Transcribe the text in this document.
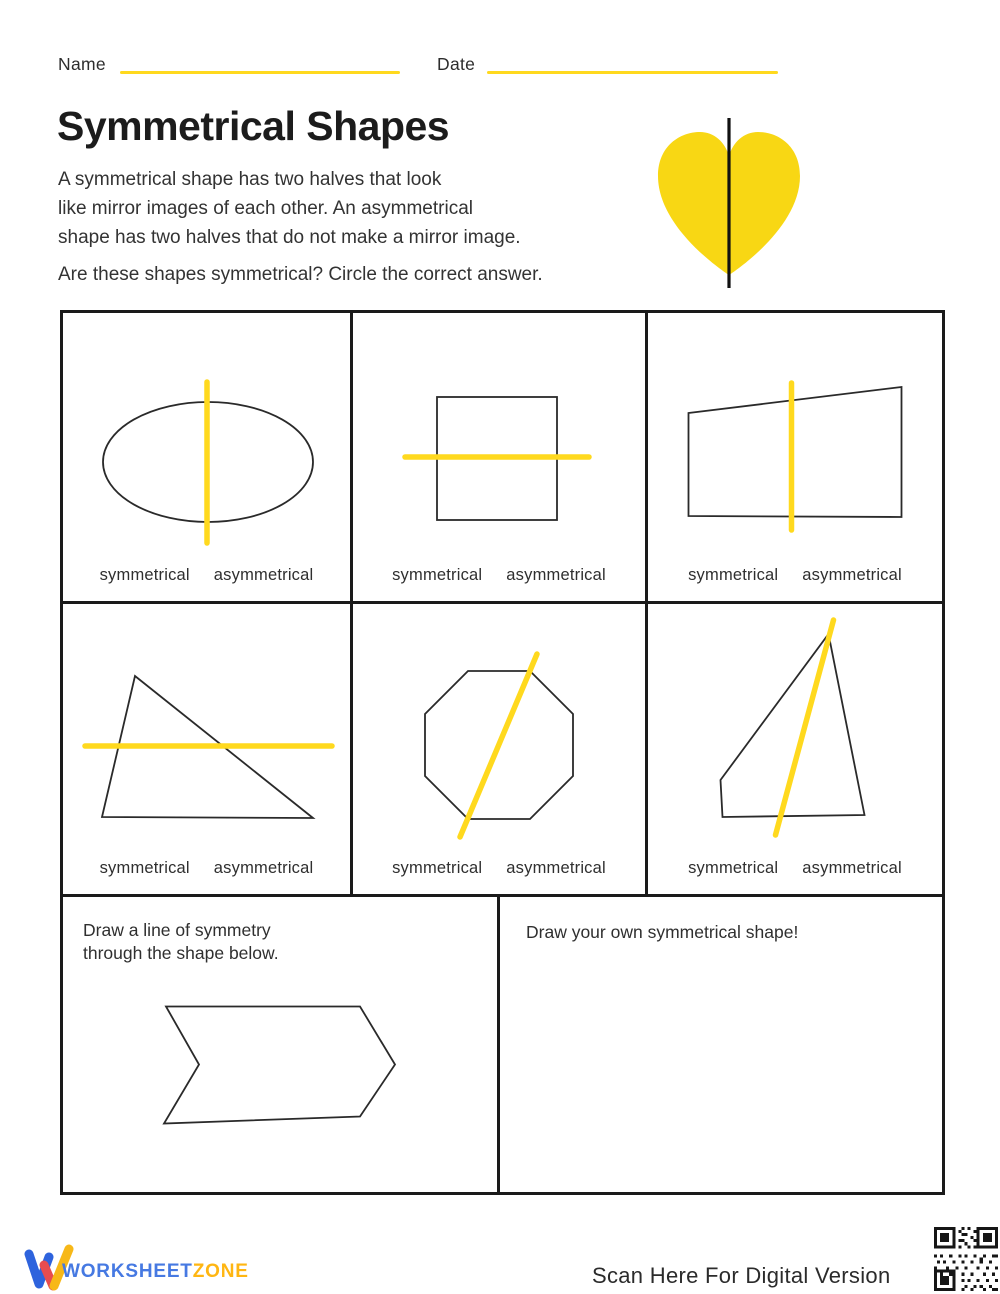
Name	Date
Symmetrical Shapes
A symmetrical shape has two halves that look
like mirror images of each other. An asymmetrical
shape has two halves that do not make a mirror image.
Are these shapes symmetrical? Circle the correct answer.
symmetrical asymmetrical	symmetrical asymmetrical	symmetrical asymmetrical
symmetrical asymmetrical	symmetrical asymmetrical	symmetrical asymmetrical
Draw a line of symmetry
through the shape below.
Draw your own symmetrical shape!
WORKSHEETZONE	Scan Here For Digital Version
